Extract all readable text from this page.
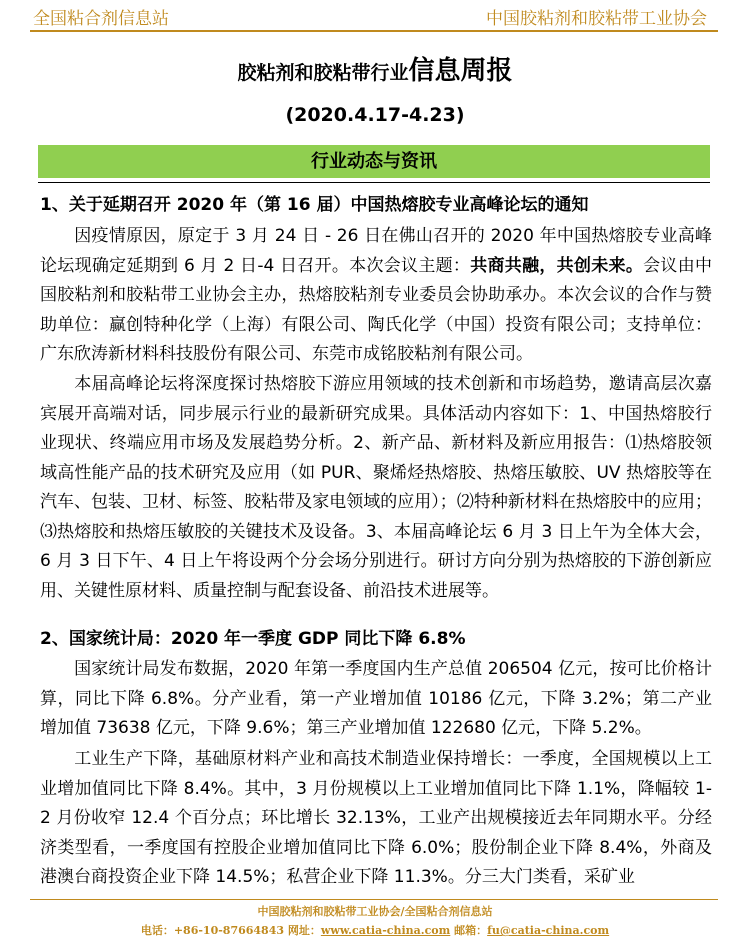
全国粘合剂信息站	中国胶粘剂和胶粘带工业协会
胶粘剂和胶粘带行业信息周报
(2020.4.17-4.23)
行业动态与资讯
1、关于延期召开 2020 年（第 16 届）中国热熔胶专业高峰论坛的通知
因疫情原因，原定于 3 月 24 日 - 26 日在佛山召开的 2020 年中国热熔胶专业高峰论坛现确定延期到 6 月 2 日-4 日召开。本次会议主题：共商共融，共创未来。会议由中国胶粘剂和胶粘带工业协会主办，热熔胶粘剂专业委员会协助承办。本次会议的合作与赞助单位：赢创特种化学（上海）有限公司、陶氏化学（中国）投资有限公司；支持单位：广东欣涛新材料科技股份有限公司、东莞市成铭胶粘剂有限公司。
本届高峰论坛将深度探讨热熔胶下游应用领域的技术创新和市场趋势，邀请高层次嘉宾展开高端对话，同步展示行业的最新研究成果。具体活动内容如下：1、中国热熔胶行业现状、终端应用市场及发展趋势分析。2、新产品、新材料及新应用报告：⑴热熔胶领域高性能产品的技术研究及应用（如 PUR、聚烯烃热熔胶、热熔压敏胶、UV 热熔胶等在汽车、包装、卫材、标签、胶粘带及家电领域的应用）；⑵特种新材料在热熔胶中的应用；⑶热熔胶和热熔压敏胶的关键技术及设备。3、本届高峰论坛 6 月 3 日上午为全体大会，6 月 3 日下午、4 日上午将设两个分会场分别进行。研讨方向分别为热熔胶的下游创新应用、关键性原材料、质量控制与配套设备、前沿技术进展等。
2、国家统计局：2020 年一季度 GDP 同比下降 6.8%
国家统计局发布数据，2020 年第一季度国内生产总值 206504 亿元，按可比价格计算，同比下降 6.8%。分产业看，第一产业增加值 10186 亿元，下降 3.2%；第二产业增加值 73638 亿元，下降 9.6%；第三产业增加值 122680 亿元，下降 5.2%。
工业生产下降，基础原材料产业和高技术制造业保持增长：一季度，全国规模以上工业增加值同比下降 8.4%。其中，3 月份规模以上工业增加值同比下降 1.1%，降幅较 1-2 月份收窄 12.4 个百分点；环比增长 32.13%，工业产出规模接近去年同期水平。分经济类型看，一季度国有控股企业增加值同比下降 6.0%；股份制企业下降 8.4%，外商及港澳台商投资企业下降 14.5%；私营企业下降 11.3%。分三大门类看，采矿业
中国胶粘剂和胶粘带工业协会/全国粘合剂信息站
电话：+86-10-87664843 网址：www.catia-china.com 邮箱：fu@catia-china.com
